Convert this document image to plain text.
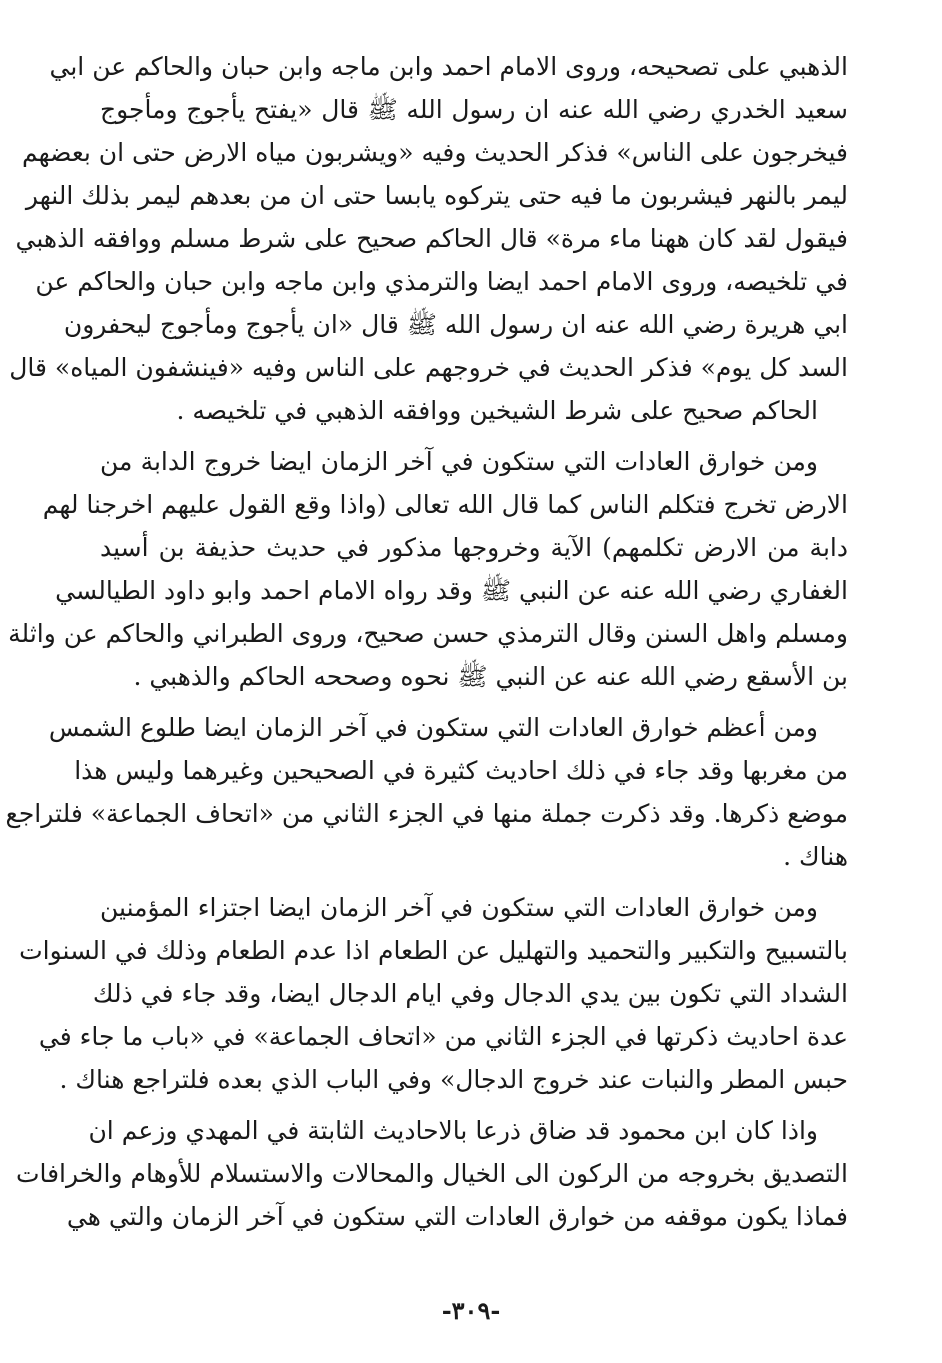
الذهبي على تصحيحه، وروى الامام احمد وابن ماجه وابن حبان والحاكم عن ابي
سعيد الخدري رضي الله عنه ان رسول الله ﷺ قال «يفتح يأجوج ومأجوج
فيخرجون على الناس» فذكر الحديث وفيه «ويشربون مياه الارض حتى ان بعضهم
ليمر بالنهر فيشربون ما فيه حتى يتركوه يابسا حتى ان من بعدهم ليمر بذلك النهر
فيقول لقد كان ههنا ماء مرة» قال الحاكم صحيح على شرط مسلم ووافقه الذهبي
في تلخيصه، وروى الامام احمد ايضا والترمذي وابن ماجه وابن حبان والحاكم عن
ابي هريرة رضي الله عنه ان رسول الله ﷺ قال «ان يأجوج ومأجوج ليحفرون
السد كل يوم» فذكر الحديث في خروجهم على الناس وفيه «فينشفون المياه» قال
الحاكم صحيح على شرط الشيخين ووافقه الذهبي في تلخيصه .
ومن خوارق العادات التي ستكون في آخر الزمان ايضا خروج الدابة من
الارض تخرج فتكلم الناس كما قال الله تعالى (واذا وقع القول عليهم اخرجنا لهم
دابة من الارض تكلمهم) الآية وخروجها مذكور في حديث حذيفة بن أسيد
الغفاري رضي الله عنه عن النبي ﷺ وقد رواه الامام احمد وابو داود الطيالسي
ومسلم واهل السنن وقال الترمذي حسن صحيح، وروى الطبراني والحاكم عن واثلة
بن الأسقع رضي الله عنه عن النبي ﷺ نحوه وصححه الحاكم والذهبي .
ومن أعظم خوارق العادات التي ستكون في آخر الزمان ايضا طلوع الشمس
من مغربها وقد جاء في ذلك احاديث كثيرة في الصحيحين وغيرهما وليس هذا
موضع ذكرها. وقد ذكرت جملة منها في الجزء الثاني من «اتحاف الجماعة» فلتراجع
هناك .
ومن خوارق العادات التي ستكون في آخر الزمان ايضا اجتزاء المؤمنين
بالتسبيح والتكبير والتحميد والتهليل عن الطعام اذا عدم الطعام وذلك في السنوات
الشداد التي تكون بين يدي الدجال وفي ايام الدجال ايضا، وقد جاء في ذلك
عدة احاديث ذكرتها في الجزء الثاني من «اتحاف الجماعة» في «باب ما جاء في
حبس المطر والنبات عند خروج الدجال» وفي الباب الذي بعده فلتراجع هناك .
واذا كان ابن محمود قد ضاق ذرعا بالاحاديث الثابتة في المهدي وزعم ان
التصديق بخروجه من الركون الى الخيال والمحالات والاستسلام للأوهام والخرافات
فماذا يكون موقفه من خوارق العادات التي ستكون في آخر الزمان والتي هي
-٣٠٩-
